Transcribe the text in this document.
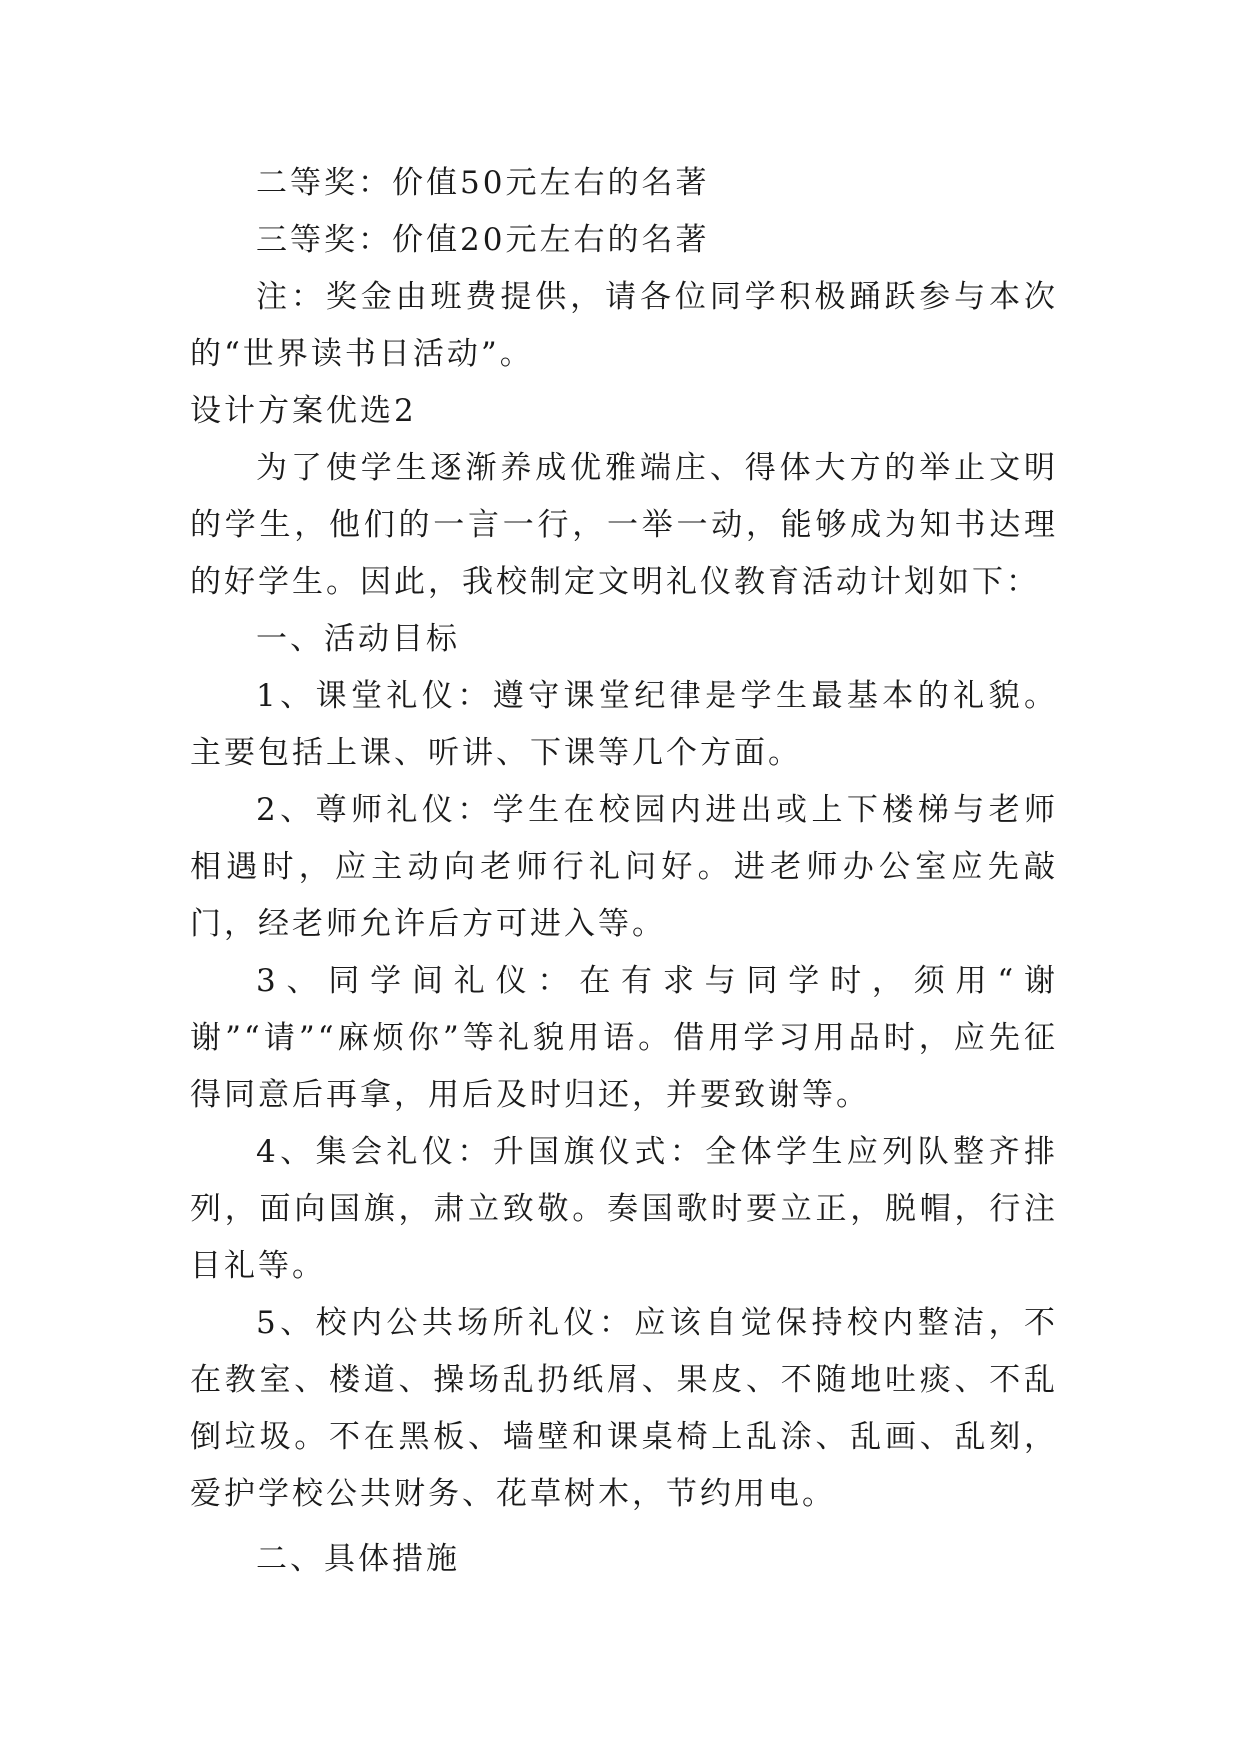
二等奖：价值50元左右的名著

三等奖：价值20元左右的名著

注：奖金由班费提供，请各位同学积极踊跃参与本次的“世界读书日活动”。

设计方案优选2

为了使学生逐渐养成优雅端庄、得体大方的举止文明的学生，他们的一言一行，一举一动，能够成为知书达理的好学生。因此，我校制定文明礼仪教育活动计划如下：

一、活动目标

1、课堂礼仪：遵守课堂纪律是学生最基本的礼貌。主要包括上课、听讲、下课等几个方面。

2、尊师礼仪：学生在校园内进出或上下楼梯与老师相遇时，应主动向老师行礼问好。进老师办公室应先敲门，经老师允许后方可进入等。

3、同学间礼仪：在有求与同学时，须用“谢谢”“请”“麻烦你”等礼貌用语。借用学习用品时，应先征得同意后再拿，用后及时归还，并要致谢等。

4、集会礼仪：升国旗仪式：全体学生应列队整齐排列，面向国旗，肃立致敬。奏国歌时要立正，脱帽，行注目礼等。

5、校内公共场所礼仪：应该自觉保持校内整洁，不在教室、楼道、操场乱扔纸屑、果皮、不随地吐痰、不乱倒垃圾。不在黑板、墙壁和课桌椅上乱涂、乱画、乱刻，爱护学校公共财务、花草树木，节约用电。

二、具体措施
